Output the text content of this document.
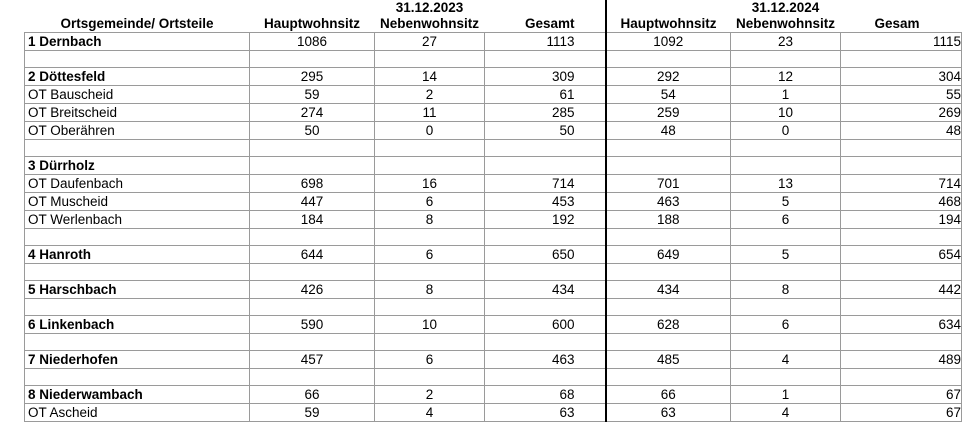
		31.12.2023			31.12.2024	
Ortsgemeinde/ Ortsteile	Hauptwohnsitz	Nebenwohnsitz	Gesamt	Hauptwohnsitz	Nebenwohnsitz	Gesam
1 Dernbach	1086	27	1113	1092	23	1115

2 Döttesfeld	295	14	309	292	12	304
OT Bauscheid	59	2	61	54	1	55
OT Breitscheid	274	11	285	259	10	269
OT Oberähren	50	0	50	48	0	48

3 Dürrholz						
OT Daufenbach	698	16	714	701	13	714
OT Muscheid	447	6	453	463	5	468
OT Werlenbach	184	8	192	188	6	194

4 Hanroth	644	6	650	649	5	654

5 Harschbach	426	8	434	434	8	442

6 Linkenbach	590	10	600	628	6	634

7 Niederhofen	457	6	463	485	4	489

8 Niederwambach	66	2	68	66	1	67
OT Ascheid	59	4	63	63	4	67
